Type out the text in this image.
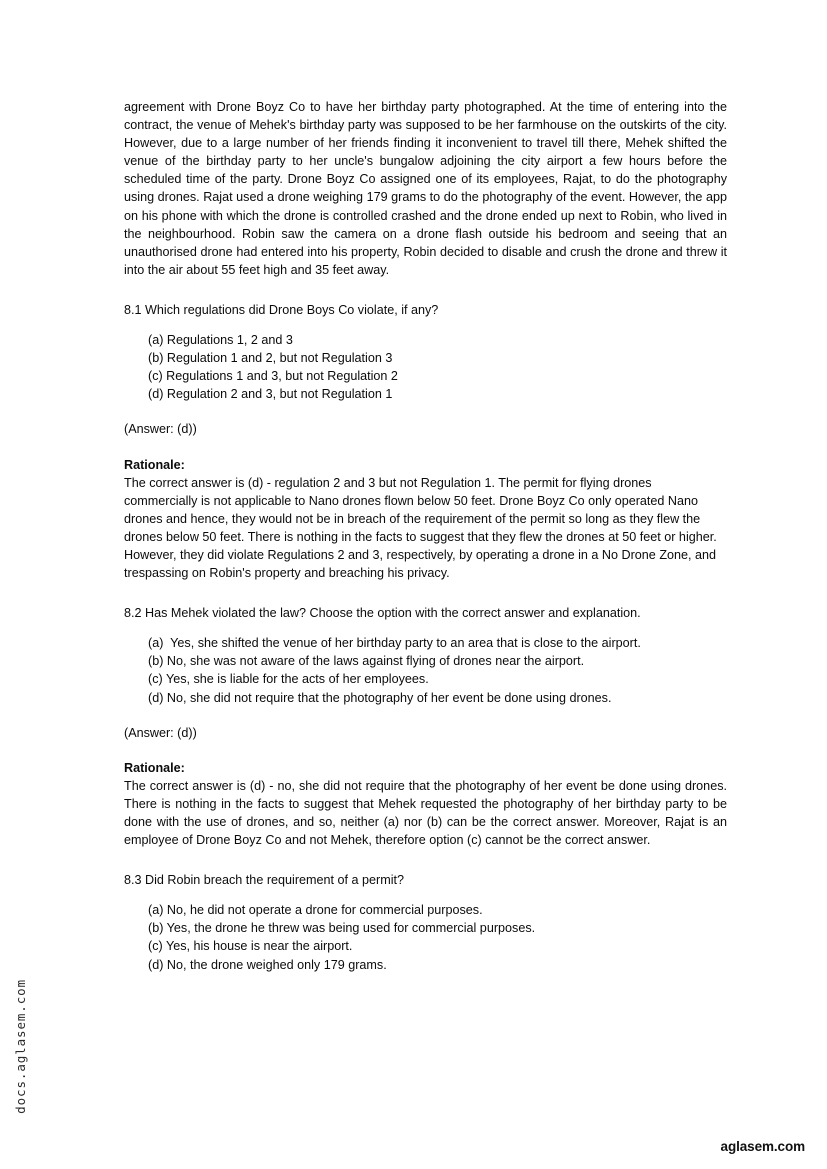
agreement with Drone Boyz Co to have her birthday party photographed. At the time of entering into the contract, the venue of Mehek's birthday party was supposed to be her farmhouse on the outskirts of the city. However, due to a large number of her friends finding it inconvenient to travel till there, Mehek shifted the venue of the birthday party to her uncle's bungalow adjoining the city airport a few hours before the scheduled time of the party. Drone Boyz Co assigned one of its employees, Rajat, to do the photography using drones. Rajat used a drone weighing 179 grams to do the photography of the event. However, the app on his phone with which the drone is controlled crashed and the drone ended up next to Robin, who lived in the neighbourhood. Robin saw the camera on a drone flash outside his bedroom and seeing that an unauthorised drone had entered into his property, Robin decided to disable and crush the drone and threw it into the air about 55 feet high and 35 feet away.

8.1 Which regulations did Drone Boys Co violate, if any?

(a) Regulations 1, 2 and 3
(b) Regulation 1 and 2, but not Regulation 3
(c) Regulations 1 and 3, but not Regulation 2
(d) Regulation 2 and 3, but not Regulation 1

(Answer: (d))

Rationale:

The correct answer is (d) - regulation 2 and 3 but not Regulation 1. The permit for flying drones commercially is not applicable to Nano drones flown below 50 feet. Drone Boyz Co only operated Nano drones and hence, they would not be in breach of the requirement of the permit so long as they flew the drones below 50 feet. There is nothing in the facts to suggest that they flew the drones at 50 feet or higher. However, they did violate Regulations 2 and 3, respectively, by operating a drone in a No Drone Zone, and trespassing on Robin's property and breaching his privacy.

8.2 Has Mehek violated the law? Choose the option with the correct answer and explanation.

(a)  Yes, she shifted the venue of her birthday party to an area that is close to the airport.
(b) No, she was not aware of the laws against flying of drones near the airport.
(c) Yes, she is liable for the acts of her employees.
(d) No, she did not require that the photography of her event be done using drones.

(Answer: (d))

Rationale:

The correct answer is (d) - no, she did not require that the photography of her event be done using drones. There is nothing in the facts to suggest that Mehek requested the photography of her birthday party to be done with the use of drones, and so, neither (a) nor (b) can be the correct answer. Moreover, Rajat is an employee of Drone Boyz Co and not Mehek, therefore option (c) cannot be the correct answer.

8.3 Did Robin breach the requirement of a permit?

(a) No, he did not operate a drone for commercial purposes.
(b) Yes, the drone he threw was being used for commercial purposes.
(c) Yes, his house is near the airport.
(d) No, the drone weighed only 179 grams.
docs.aglasem.com
aglasem.com
